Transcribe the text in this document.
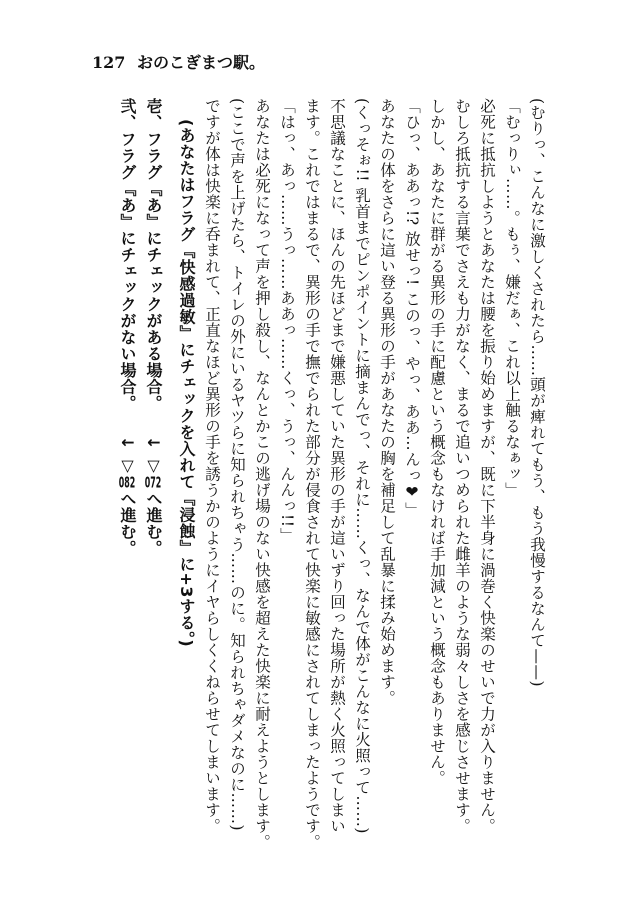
127 おのこぎまつ駅。

(むりっ、こんなに激しくされたら……頭が痺れてもう、もう我慢するなんて——)

「むっりぃ……。もぅ、嫌だぁ、これ以上触るなぁッ」

必死に抵抗しようとあなたは腰を振り始めますが、既に下半身に渦巻く快楽のせいで力が入りません。

むしろ抵抗する言葉でさえも力がなく、まるで追いつめられた雌羊のような弱々しさを感じさせます。

しかし、あなたに群がる異形の手に配慮という概念もなければ手加減という概念もありません。

「ひっ、ああっ!? 放せっ! このっ、やっ、ああ…んっ❤」

あなたの体をさらに這い登る異形の手があなたの胸を補足して乱暴に揉み始めます。

(くっそぉ!! 乳首までピンポイントに摘まんでっ、それに……くっ、なんで体がこんなに火照って……)

不思議なことに、ほんの先ほどまで嫌悪していた異形の手が這いずり回った場所が熱く火照ってしまい

ます。これではまるで、異形の手で撫でられた部分が侵食されて快楽に敏感にされてしまったようです。

「はっ、あっ……うっ……ああっ……くっ、うっ、んんっ!!」

あなたは必死になって声を押し殺し、なんとかこの逃げ場のない快感を超えた快楽に耐えようとします。

(ここで声を上げたら、トイレの外にいるヤツらに知られちゃう……のに。知られちゃダメなのに……)

ですが体は快楽に呑まれて、正直なほど異形の手を誘うかのようにイヤらしくくねらせてしまいます。

(あなたはフラグ『快感過敏』にチェックを入れて『浸蝕』に+3する。)

壱、フラグ『あ』にチェックがある場合。↓ ▽072へ進む。

弐、フラグ『あ』にチェックがない場合。↓ ▽082へ進む。
